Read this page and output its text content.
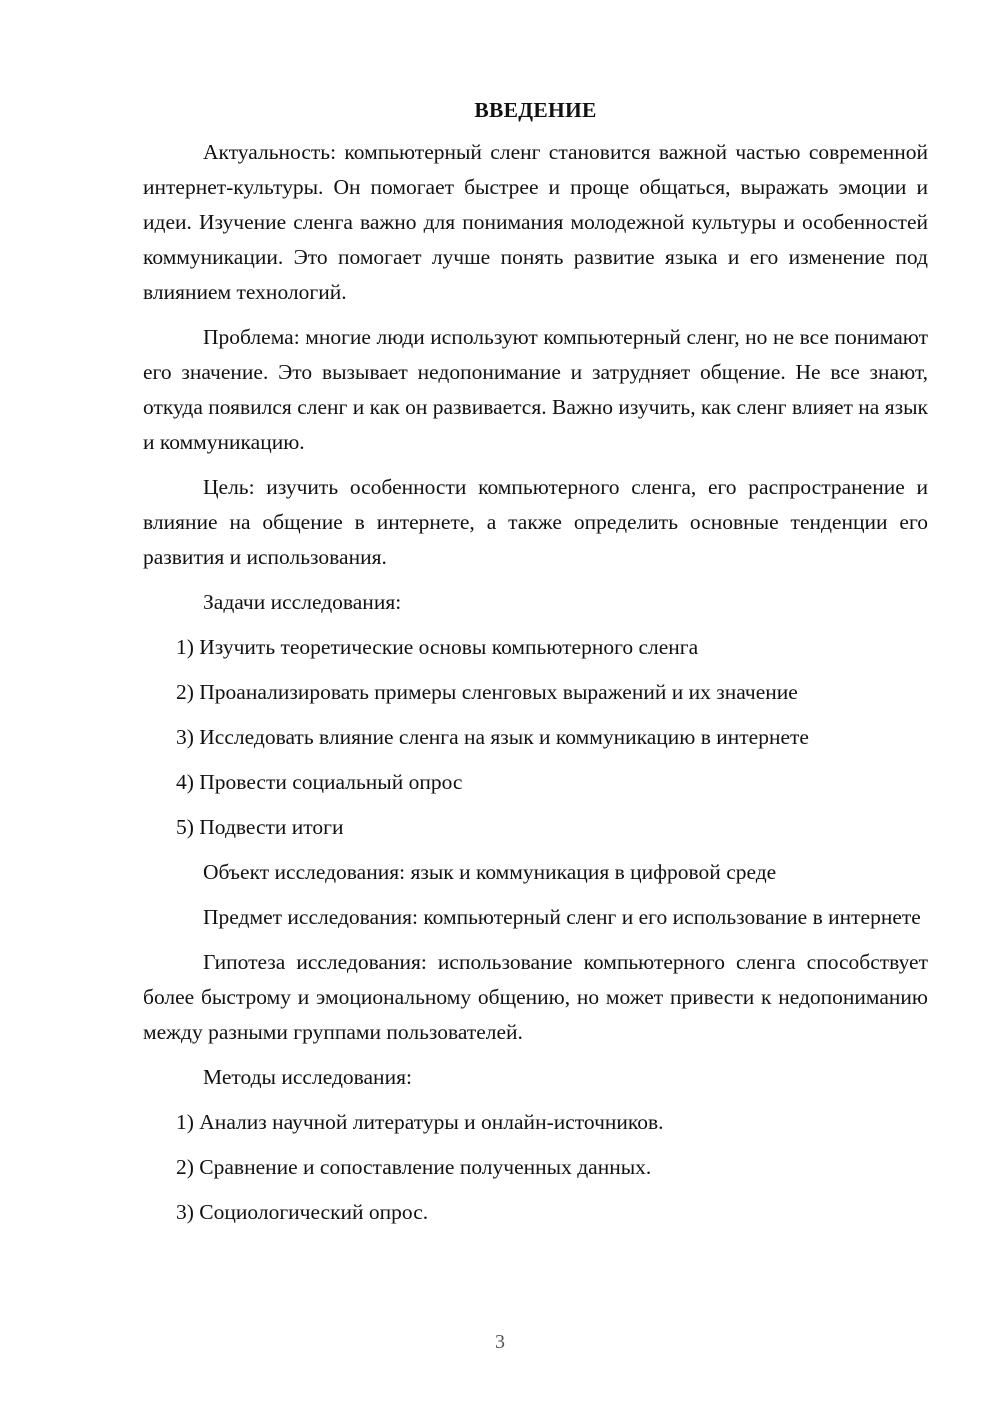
ВВЕДЕНИЕ

Актуальность: компьютерный сленг становится важной частью современной интернет-культуры. Он помогает быстрее и проще общаться, выражать эмоции и идеи. Изучение сленга важно для понимания молодежной культуры и особенностей коммуникации. Это помогает лучше понять развитие языка и его изменение под влиянием технологий.

Проблема: многие люди используют компьютерный сленг, но не все понимают его значение. Это вызывает недопонимание и затрудняет общение. Не все знают, откуда появился сленг и как он развивается. Важно изучить, как сленг влияет на язык и коммуникацию.

Цель: изучить особенности компьютерного сленга, его распространение и влияние на общение в интернете, а также определить основные тенденции его развития и использования.

Задачи исследования:

1) Изучить теоретические основы компьютерного сленга

2) Проанализировать примеры сленговых выражений и их значение

3) Исследовать влияние сленга на язык и коммуникацию в интернете

4) Провести социальный опрос

5) Подвести итоги

Объект исследования: язык и коммуникация в цифровой среде

Предмет исследования: компьютерный сленг и его использование в интернете

Гипотеза исследования: использование компьютерного сленга способствует более быстрому и эмоциональному общению, но может привести к недопониманию между разными группами пользователей.

Методы исследования:

1) Анализ научной литературы и онлайн-источников.

2) Сравнение и сопоставление полученных данных.

3) Социологический опрос.

3
